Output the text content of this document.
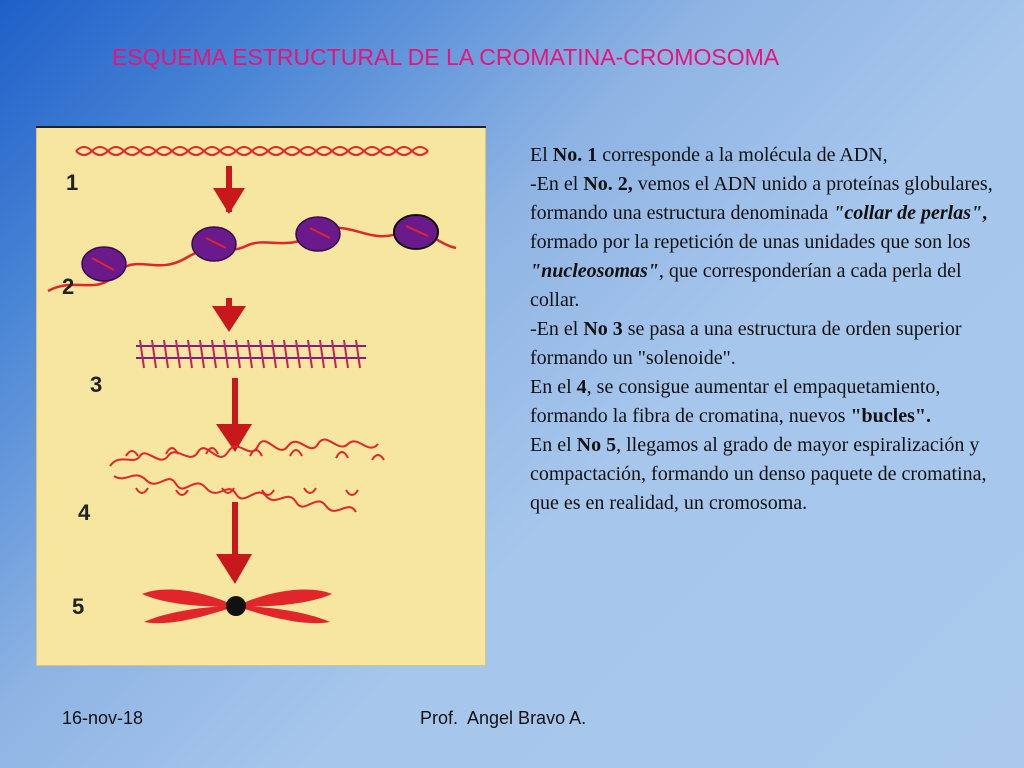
ESQUEMA ESTRUCTURAL DE LA CROMATINA-CROMOSOMA
1
2
3
4
5

El No. 1 corresponde a la molécula de ADN,

-En el No. 2, vemos el ADN unido a proteínas globulares, formando una estructura denominada "collar de perlas", formado por la repetición de unas unidades que son los "nucleosomas", que corresponderían a cada perla del collar.

-En el No 3 se pasa a una estructura de orden superior formando un "solenoide".

En el 4, se consigue aumentar el empaquetamiento, formando la fibra de cromatina, nuevos "bucles".

En el No 5, llegamos al grado de mayor espiralización y compactación, formando un denso paquete de cromatina, que es en realidad, un cromosoma.

16-nov-18	Prof.  Angel Bravo A.
